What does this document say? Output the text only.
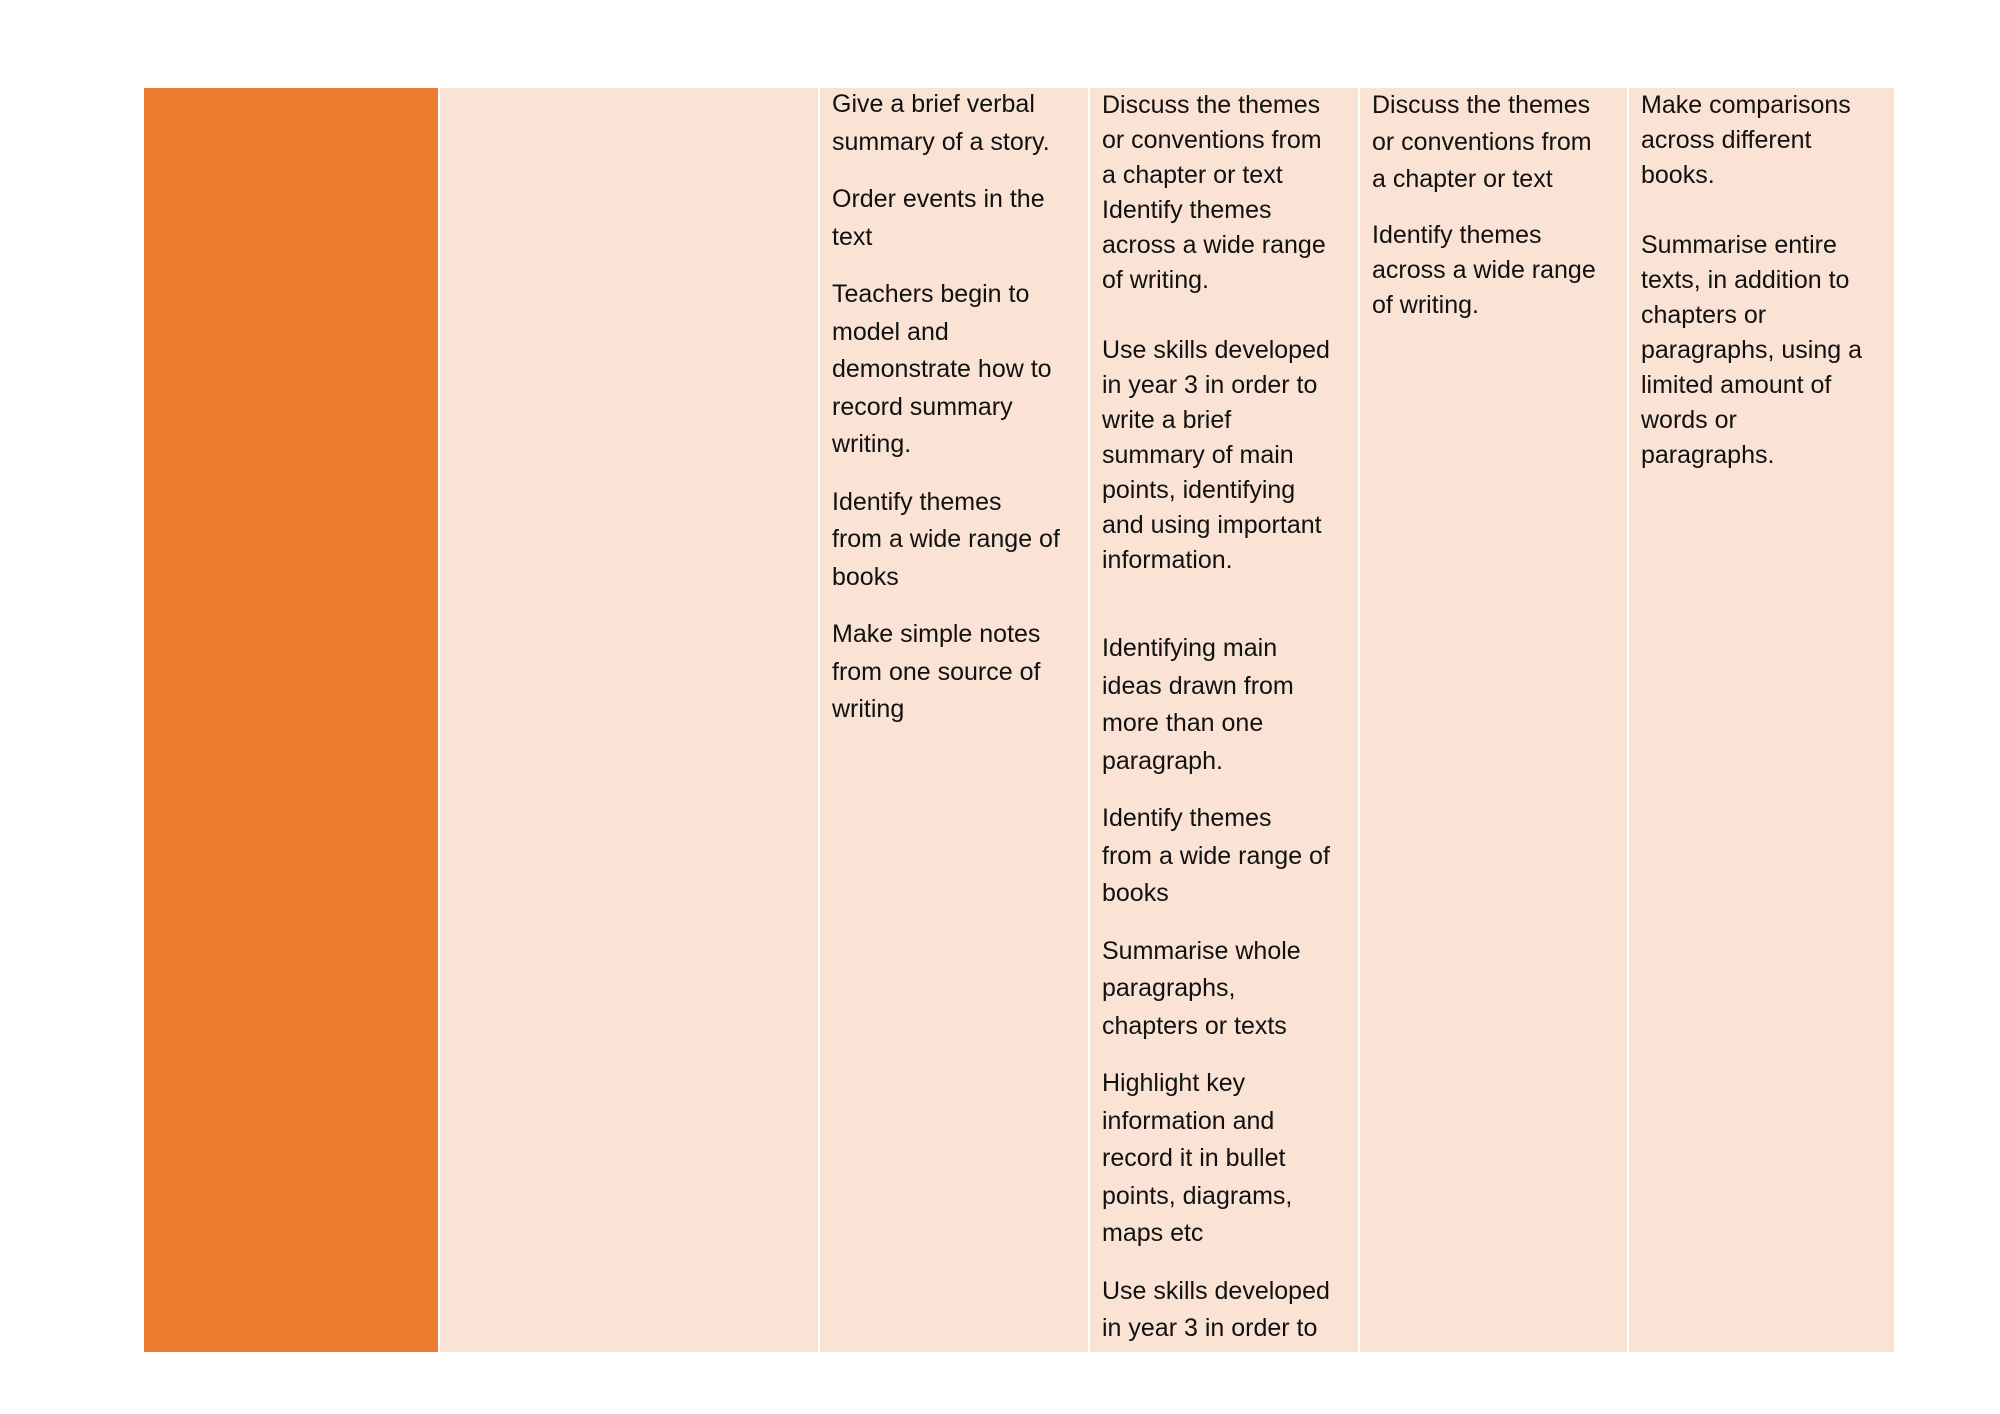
Give a brief verbal
summary of a story.

Order events in the
text

Teachers begin to
model and
demonstrate how to
record summary
writing.

Identify themes
from a wide range of
books

Make simple notes
from one source of
writing

Discuss the themes
or conventions from
a chapter or text
Identify themes
across a wide range
of writing.

Use skills developed
in year 3 in order to
write a brief
summary of main
points, identifying
and using important
information.

Identifying main
ideas drawn from
more than one
paragraph.

Identify themes
from a wide range of
books

Summarise whole
paragraphs,
chapters or texts

Highlight key
information and
record it in bullet
points, diagrams,
maps etc

Use skills developed
in year 3 in order to

Discuss the themes
or conventions from
a chapter or text

Identify themes
across a wide range
of writing.

Make comparisons
across different
books.

Summarise entire
texts, in addition to
chapters or
paragraphs, using a
limited amount of
words or
paragraphs.
